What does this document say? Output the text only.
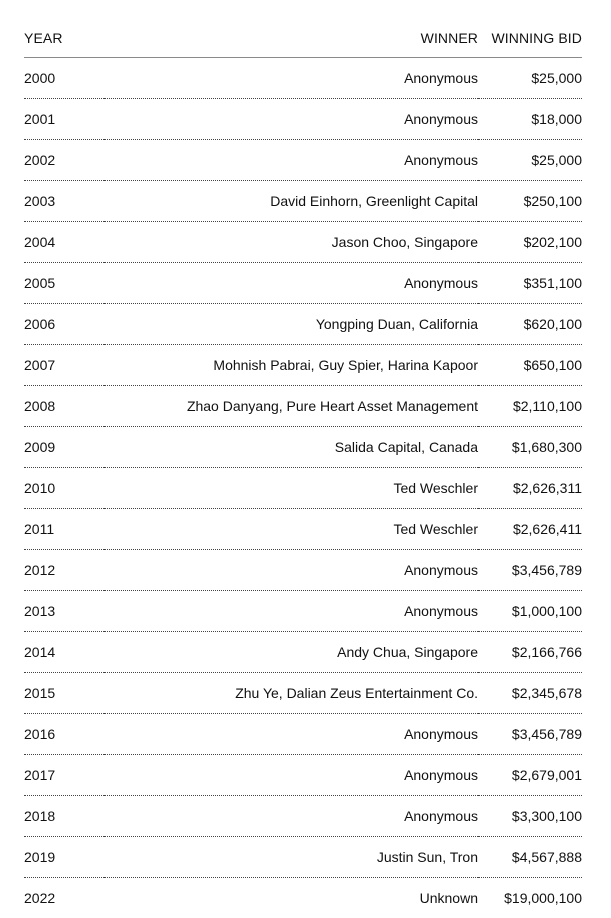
YEAR	WINNER	WINNING BID
2000	Anonymous	$25,000
2001	Anonymous	$18,000
2002	Anonymous	$25,000
2003	David Einhorn, Greenlight Capital	$250,100
2004	Jason Choo, Singapore	$202,100
2005	Anonymous	$351,100
2006	Yongping Duan, California	$620,100
2007	Mohnish Pabrai, Guy Spier, Harina Kapoor	$650,100
2008	Zhao Danyang, Pure Heart Asset Management	$2,110,100
2009	Salida Capital, Canada	$1,680,300
2010	Ted Weschler	$2,626,311
2011	Ted Weschler	$2,626,411
2012	Anonymous	$3,456,789
2013	Anonymous	$1,000,100
2014	Andy Chua, Singapore	$2,166,766
2015	Zhu Ye, Dalian Zeus Entertainment Co.	$2,345,678
2016	Anonymous	$3,456,789
2017	Anonymous	$2,679,001
2018	Anonymous	$3,300,100
2019	Justin Sun, Tron	$4,567,888
2022	Unknown	$19,000,100
